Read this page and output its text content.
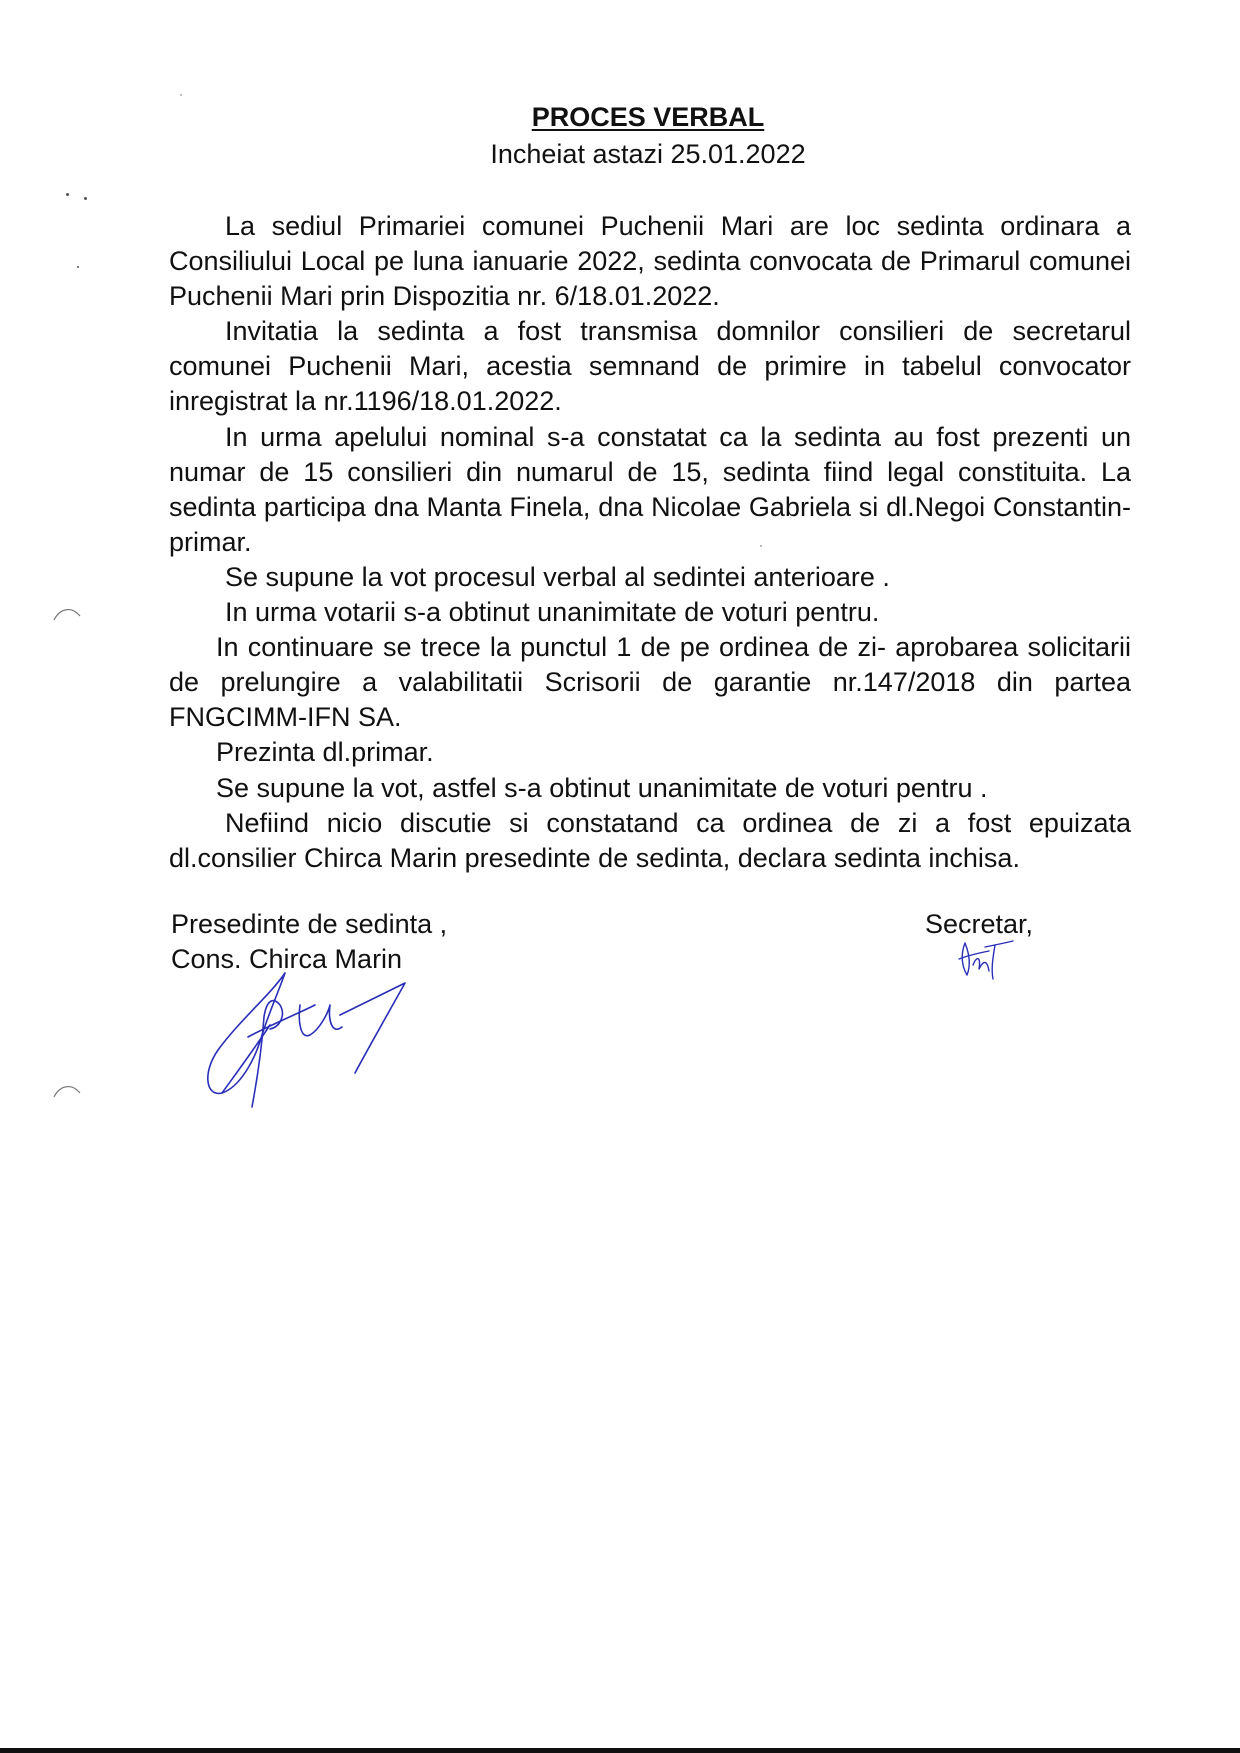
PROCES VERBAL
Incheiat astazi 25.01.2022

La sediul Primariei comunei Puchenii Mari are loc sedinta ordinara a Consiliului Local pe luna ianuarie 2022, sedinta convocata de Primarul comunei Puchenii Mari prin Dispozitia nr. 6/18.01.2022.

Invitatia la sedinta a fost transmisa domnilor consilieri de secretarul comunei Puchenii Mari, acestia semnand de primire in tabelul convocator inregistrat la nr.1196/18.01.2022.

In urma apelului nominal s-a constatat ca la sedinta au fost prezenti un numar de 15 consilieri din numarul de 15, sedinta fiind legal constituita. La sedinta participa dna Manta Finela, dna Nicolae Gabriela si dl.Negoi Constantin-primar.

Se supune la vot procesul verbal al sedintei anterioare .

In urma votarii s-a obtinut unanimitate de voturi pentru.

In continuare se trece la punctul 1 de pe ordinea de zi- aprobarea solicitarii de prelungire a valabilitatii Scrisorii de garantie nr.147/2018 din partea FNGCIMM-IFN SA.

Prezinta dl.primar.

Se supune la vot, astfel s-a obtinut unanimitate de voturi pentru .

Nefiind nicio discutie si constatand ca ordinea de zi a fost epuizata dl.consilier Chirca Marin presedinte de sedinta, declara sedinta inchisa.

Presedinte de sedinta ,
Cons. Chirca Marin
Secretar,
